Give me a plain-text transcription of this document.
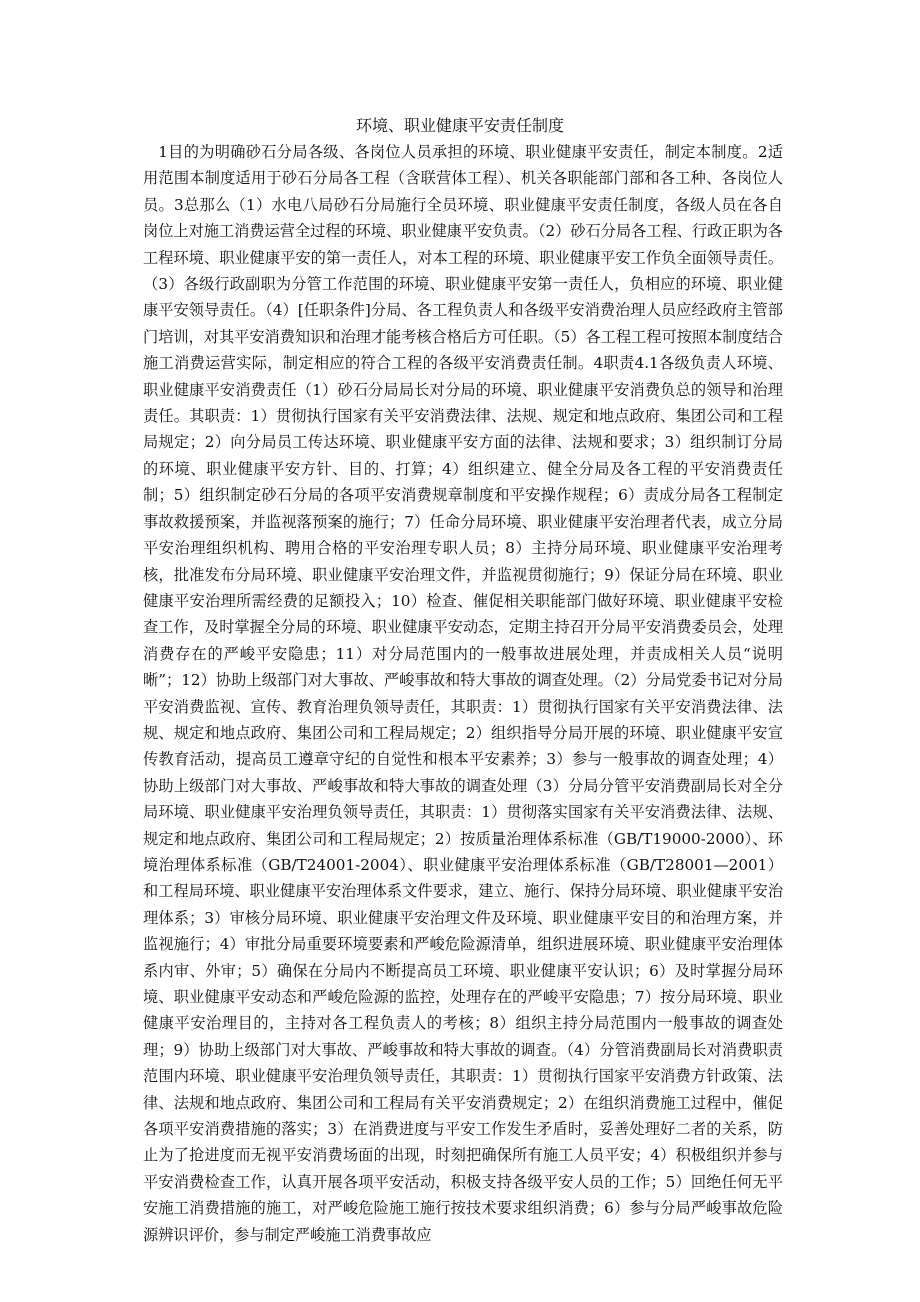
环境、职业健康平安责任制度

1目的为明确砂石分局各级、各岗位人员承担的环境、职业健康平安责任，制定本制度。2适用范围本制度适用于砂石分局各工程（含联营体工程）、机关各职能部门部和各工种、各岗位人员。3总那么（1）水电八局砂石分局施行全员环境、职业健康平安责任制度，各级人员在各自岗位上对施工消费运营全过程的环境、职业健康平安负责。（2）砂石分局各工程、行政正职为各工程环境、职业健康平安的第一责任人，对本工程的环境、职业健康平安工作负全面领导责任。（3）各级行政副职为分管工作范围的环境、职业健康平安第一责任人，负相应的环境、职业健康平安领导责任。（4）[任职条件]分局、各工程负责人和各级平安消费治理人员应经政府主管部门培训，对其平安消费知识和治理才能考核合格后方可任职。（5）各工程工程可按照本制度结合施工消费运营实际，制定相应的符合工程的各级平安消费责任制。4职责4.1各级负责人环境、职业健康平安消费责任（1）砂石分局局长对分局的环境、职业健康平安消费负总的领导和治理责任。其职责：1）贯彻执行国家有关平安消费法律、法规、规定和地点政府、集团公司和工程局规定；2）向分局员工传达环境、职业健康平安方面的法律、法规和要求；3）组织制订分局的环境、职业健康平安方针、目的、打算；4）组织建立、健全分局及各工程的平安消费责任制；5）组织制定砂石分局的各项平安消费规章制度和平安操作规程；6）责成分局各工程制定事故救援预案，并监视落预案的施行；7）任命分局环境、职业健康平安治理者代表，成立分局平安治理组织机构、聘用合格的平安治理专职人员；8）主持分局环境、职业健康平安治理考核，批准发布分局环境、职业健康平安治理文件，并监视贯彻施行；9）保证分局在环境、职业健康平安治理所需经费的足额投入；10）检查、催促相关职能部门做好环境、职业健康平安检查工作，及时掌握全分局的环境、职业健康平安动态，定期主持召开分局平安消费委员会，处理消费存在的严峻平安隐患；11）对分局范围内的一般事故进展处理，并责成相关人员“说明晰”；12）协助上级部门对大事故、严峻事故和特大事故的调查处理。（2）分局党委书记对分局平安消费监视、宣传、教育治理负领导责任，其职责：1）贯彻执行国家有关平安消费法律、法规、规定和地点政府、集团公司和工程局规定；2）组织指导分局开展的环境、职业健康平安宣传教育活动，提高员工遵章守纪的自觉性和根本平安素养；3）参与一般事故的调查处理；4）协助上级部门对大事故、严峻事故和特大事故的调查处理（3）分局分管平安消费副局长对全分局环境、职业健康平安治理负领导责任，其职责：1）贯彻落实国家有关平安消费法律、法规、规定和地点政府、集团公司和工程局规定；2）按质量治理体系标准（GB/T19000-2000）、环境治理体系标准（GB/T24001-2004）、职业健康平安治理体系标准（GB/T28001—2001）和工程局环境、职业健康平安治理体系文件要求，建立、施行、保持分局环境、职业健康平安治理体系；3）审核分局环境、职业健康平安治理文件及环境、职业健康平安目的和治理方案，并监视施行；4）审批分局重要环境要素和严峻危险源清单，组织进展环境、职业健康平安治理体系内审、外审；5）确保在分局内不断提高员工环境、职业健康平安认识；6）及时掌握分局环境、职业健康平安动态和严峻危险源的监控，处理存在的严峻平安隐患；7）按分局环境、职业健康平安治理目的，主持对各工程负责人的考核；8）组织主持分局范围内一般事故的调查处理；9）协助上级部门对大事故、严峻事故和特大事故的调查。（4）分管消费副局长对消费职责范围内环境、职业健康平安治理负领导责任，其职责：1）贯彻执行国家平安消费方针政策、法律、法规和地点政府、集团公司和工程局有关平安消费规定；2）在组织消费施工过程中，催促各项平安消费措施的落实；3）在消费进度与平安工作发生矛盾时，妥善处理好二者的关系，防止为了抢进度而无视平安消费场面的出现，时刻把确保所有施工人员平安；4）积极组织并参与平安消费检查工作，认真开展各项平安活动，积极支持各级平安人员的工作；5）回绝任何无平安施工消费措施的施工，对严峻危险施工施行按技术要求组织消费；6）参与分局严峻事故危险源辨识评价，参与制定严峻施工消费事故应
